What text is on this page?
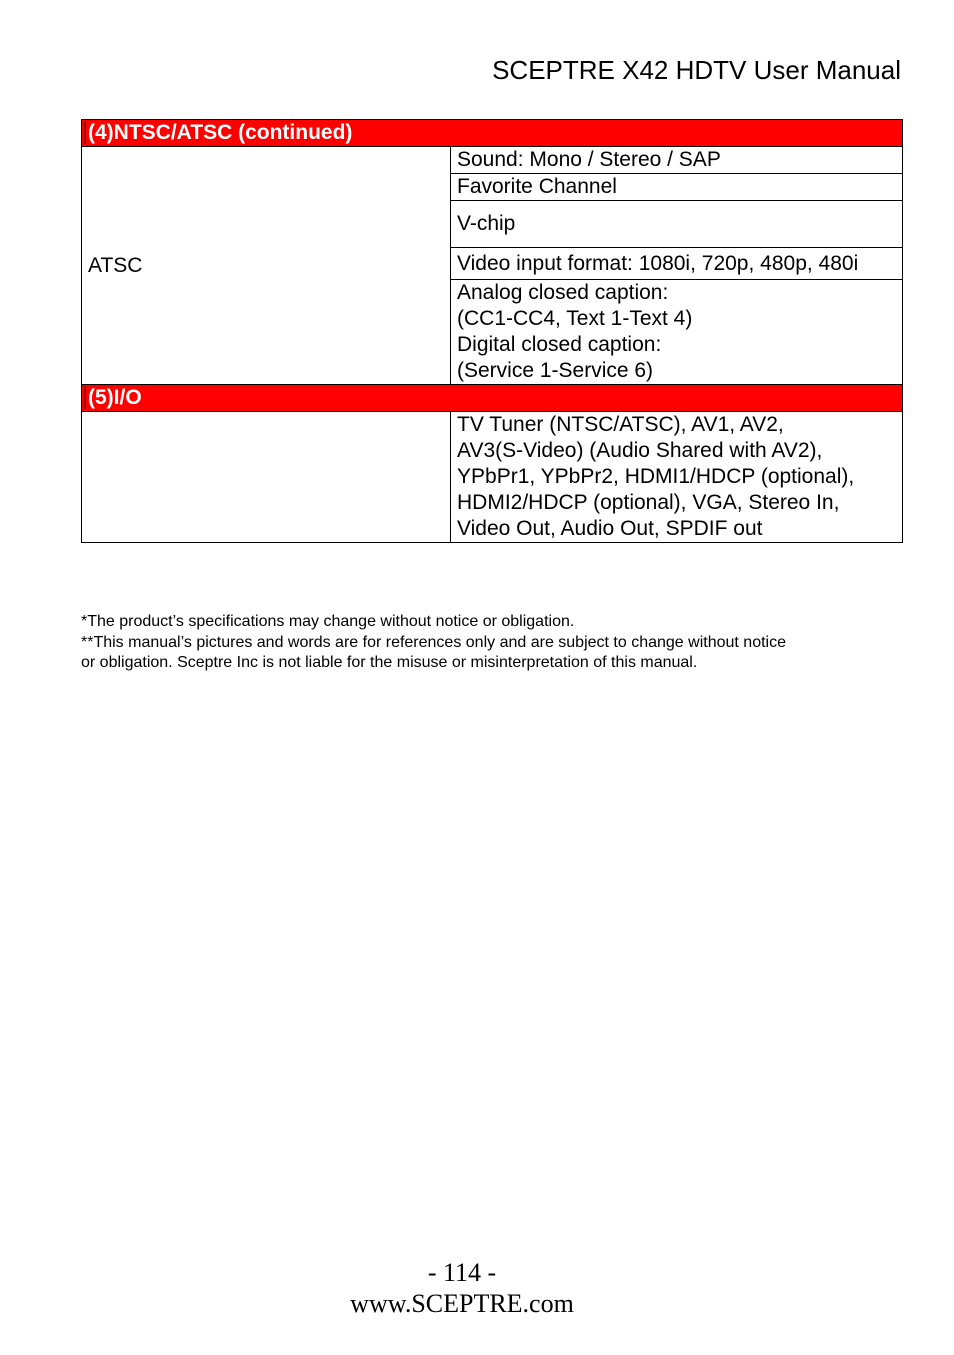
SCEPTRE X42 HDTV User Manual
(4)NTSC/ATSC (continued)	
ATSC	Sound: Mono / Stereo / SAP
	Favorite Channel
	V-chip
	Video input format: 1080i, 720p, 480p, 480i

	Analog closed caption:
(CC1-CC4, Text 1-Text 4)
Digital closed caption:
(Service 1-Service 6)

(5)I/O	

	TV Tuner (NTSC/ATSC), AV1, AV2,
AV3(S-Video) (Audio Shared with AV2),
YPbPr1, YPbPr2, HDMI1/HDCP (optional),
HDMI2/HDCP (optional), VGA, Stereo In,
Video Out, Audio Out, SPDIF out

*The product’s specifications may change without notice or obligation.

**This manual’s pictures and words are for references only and are subject to change without notice

or obligation. Sceptre Inc is not liable for the misuse or misinterpretation of this manual.

- 114 -
www.SCEPTRE.com
